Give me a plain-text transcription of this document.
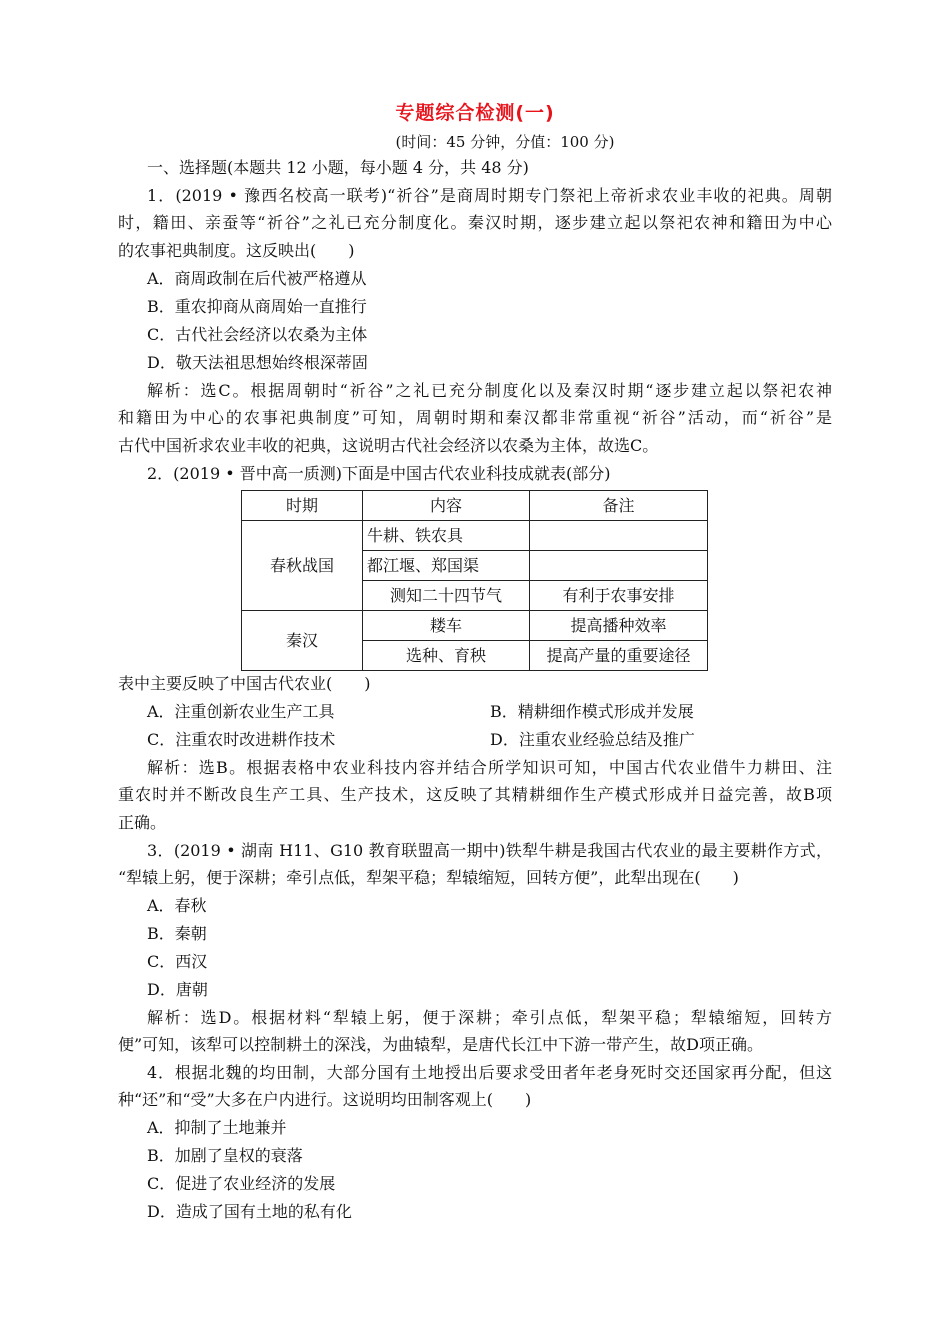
专题综合检测(一)
(时间：45 分钟，分值：100 分)
一、选择题(本题共 12 小题，每小题 4 分，共 48 分)
1．(2019 • 豫西名校高一联考)“祈谷”是商周时期专门祭祀上帝祈求农业丰收的祀典。周朝
时，籍田、亲蚕等“祈谷”之礼已充分制度化。秦汉时期，逐步建立起以祭祀农神和籍田为中心
的农事祀典制度。这反映出(　　)
A．商周政制在后代被严格遵从
B．重农抑商从商周始一直推行
C．古代社会经济以农桑为主体
D．敬天法祖思想始终根深蒂固
解析：选C。根据周朝时“祈谷”之礼已充分制度化以及秦汉时期“逐步建立起以祭祀农神
和籍田为中心的农事祀典制度”可知，周朝时期和秦汉都非常重视“祈谷”活动，而“祈谷”是
古代中国祈求农业丰收的祀典，这说明古代社会经济以农桑为主体，故选C。
2．(2019 • 晋中高一质测)下面是中国古代农业科技成就表(部分)
时期	内容	备注
春秋战国	牛耕、铁农具	
	都江堰、郑国渠	
	测知二十四节气	有利于农事安排
秦汉	耧车	提高播种效率
	选种、育秧	提高产量的重要途径
表中主要反映了中国古代农业(　　)
A．注重创新农业生产工具	B．精耕细作模式形成并发展
C．注重农时改进耕作技术	D．注重农业经验总结及推广
解析：选B。根据表格中农业科技内容并结合所学知识可知，中国古代农业借牛力耕田、注
重农时并不断改良生产工具、生产技术，这反映了其精耕细作生产模式形成并日益完善，故B项
正确。
3．(2019 • 湖南 H11、G10 教育联盟高一期中)铁犁牛耕是我国古代农业的最主要耕作方式，
“犁辕上躬，便于深耕；牵引点低，犁架平稳；犁辕缩短，回转方便”，此犁出现在(　　)
A．春秋
B．秦朝
C．西汉
D．唐朝
解析：选D。根据材料“犁辕上躬，便于深耕；牵引点低，犁架平稳；犁辕缩短，回转方
便”可知，该犁可以控制耕土的深浅，为曲辕犁，是唐代长江中下游一带产生，故D项正确。
4．根据北魏的均田制，大部分国有土地授出后要求受田者年老身死时交还国家再分配，但这
种“还”和“受”大多在户内进行。这说明均田制客观上(　　)
A．抑制了土地兼并
B．加剧了皇权的衰落
C．促进了农业经济的发展
D．造成了国有土地的私有化
